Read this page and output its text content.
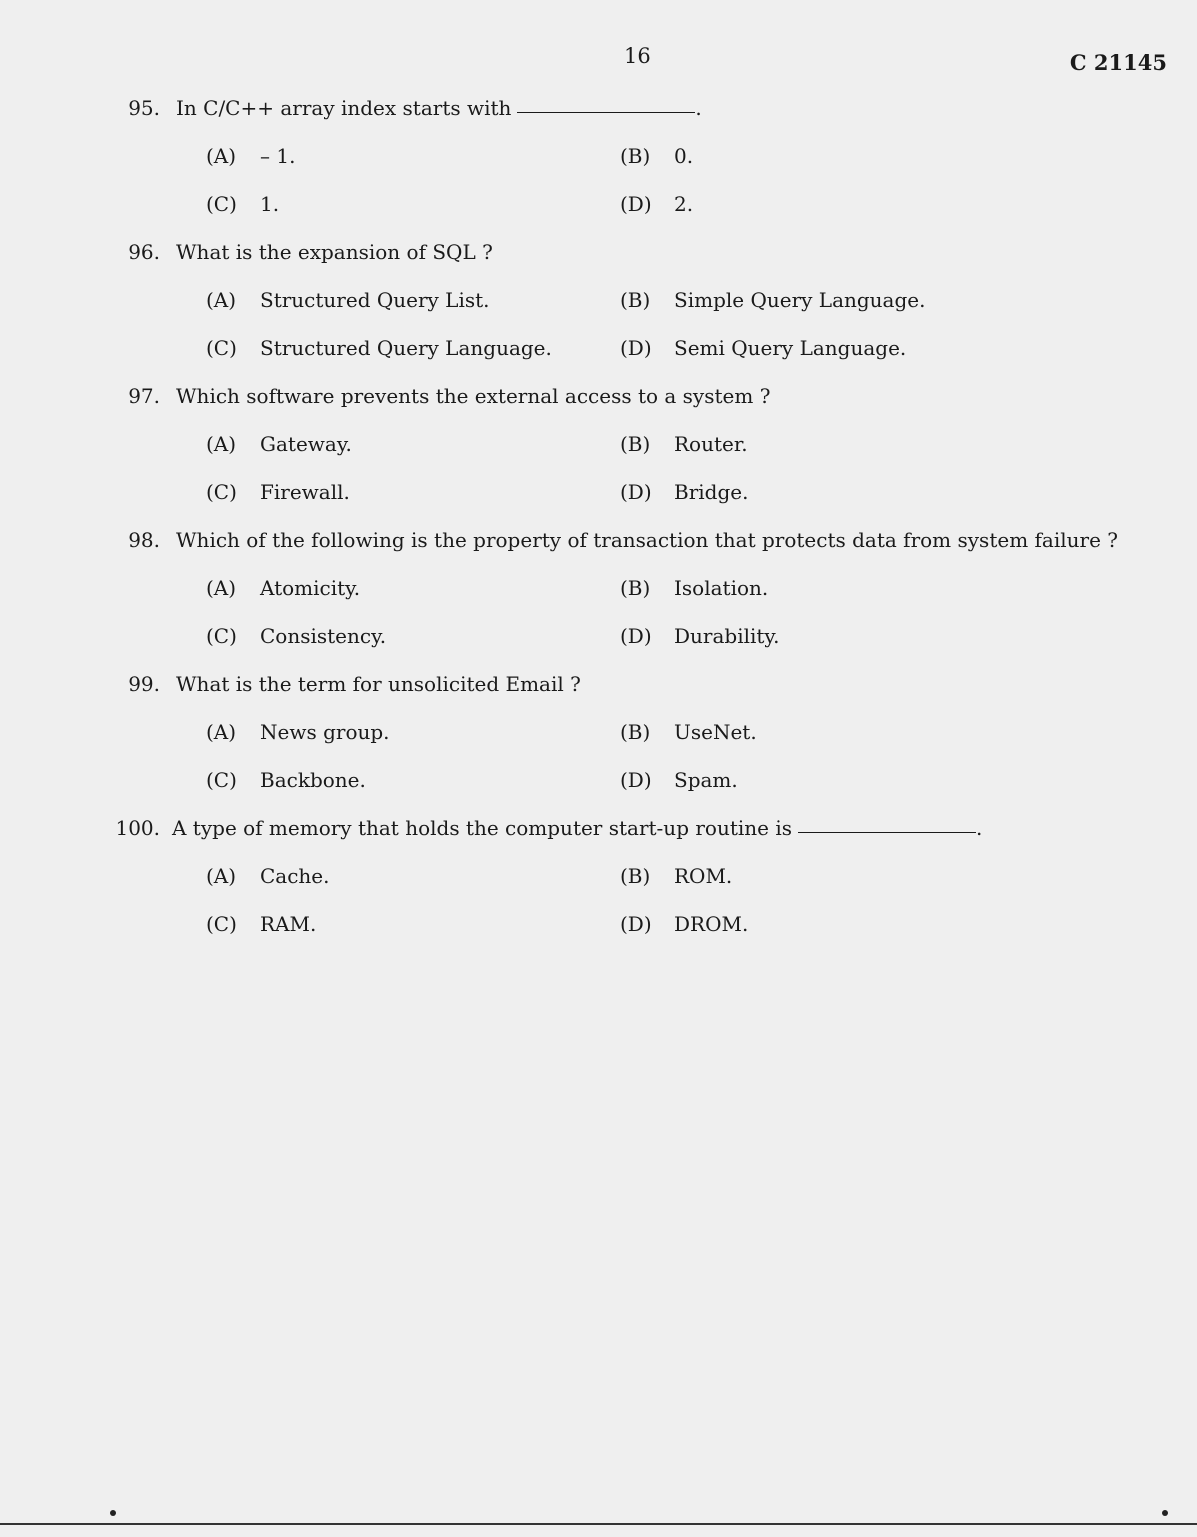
16	C 21145
95. In C/C++ array index starts with	.
(A) – 1.	(B) 0.
(C) 1.	(D) 2.
96. What is the expansion of SQL ?
(A) Structured Query List.	(B) Simple Query Language.
(C) Structured Query Language.	(D) Semi Query Language.
97. Which software prevents the external access to a system ?
(A) Gateway.	(B) Router.
(C) Firewall.	(D) Bridge.
98. Which of the following is the property of transaction that protects data from system failure ?
(A) Atomicity.	(B) Isolation.
(C) Consistency.	(D) Durability.
99. What is the term for unsolicited Email ?
(A) News group.	(B) UseNet.
(C) Backbone.	(D) Spam.
100. A type of memory that holds the computer start-up routine is	.
(A) Cache.	(B) ROM.
(C) RAM.	(D) DROM.
